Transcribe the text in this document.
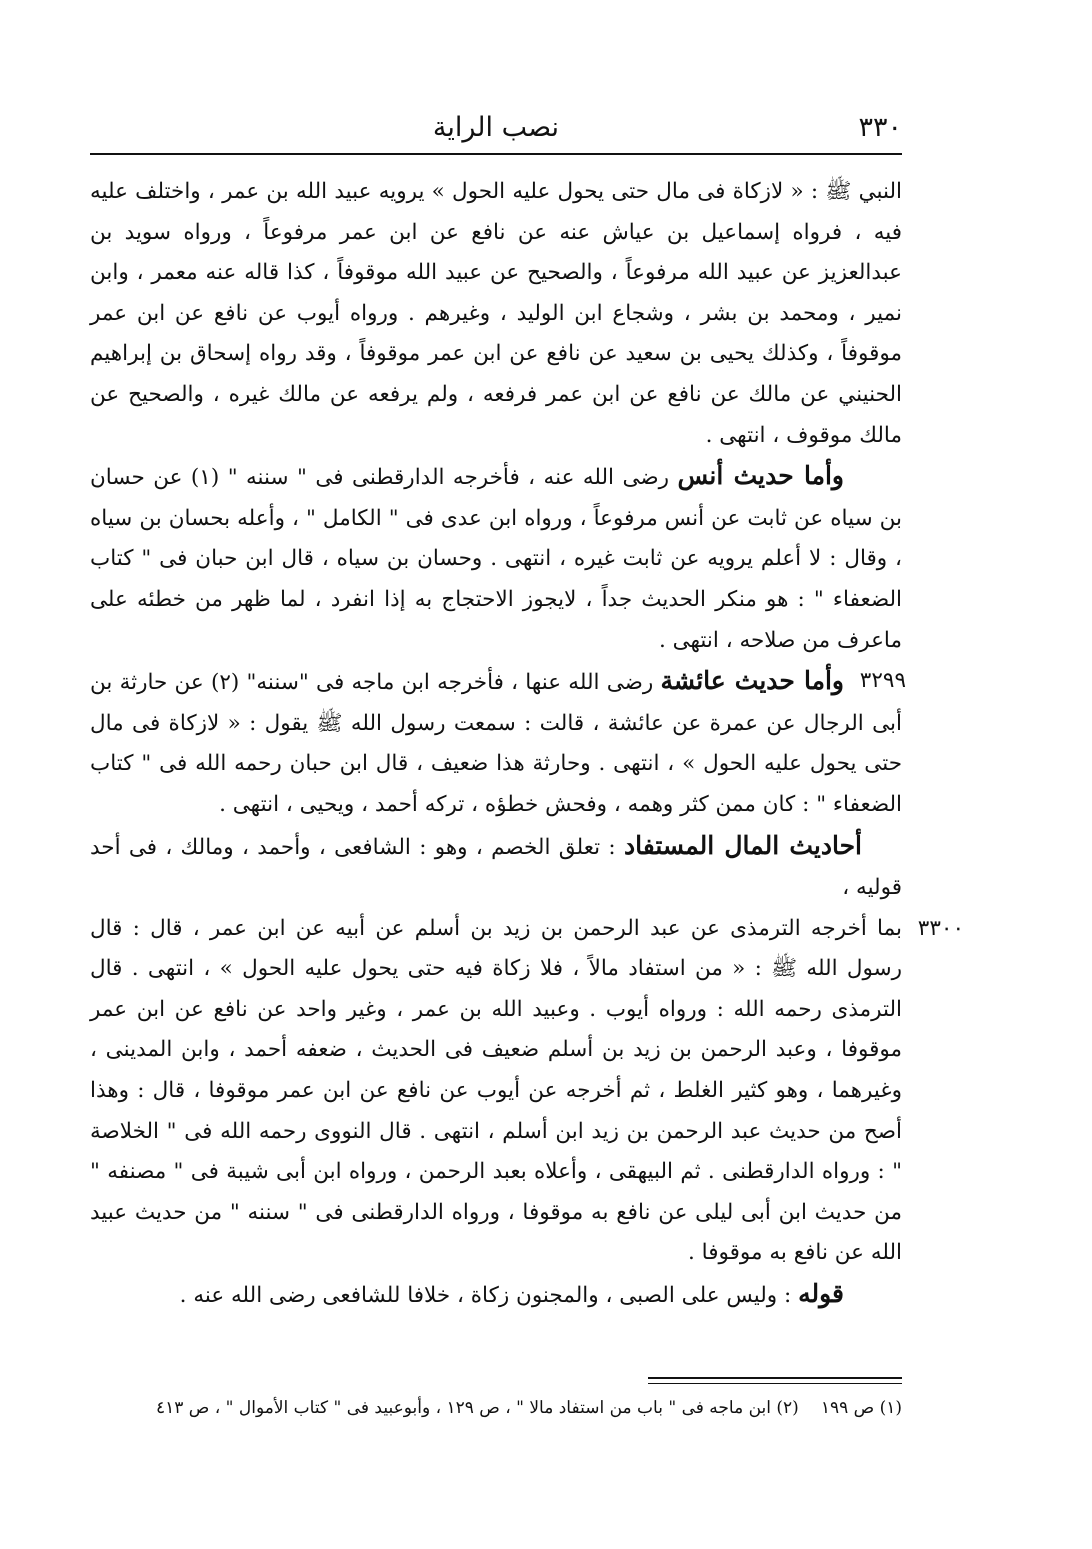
٣٣٠
نصب الراية

النبي ﷺ : « لازكاة فى مال حتى يحول عليه الحول » يرويه عبيد الله بن عمر ، واختلف عليه فيه ، فرواه إسماعيل بن عياش عنه عن نافع عن ابن عمر مرفوعاً ، ورواه سويد بن عبدالعزيز عن عبيد الله مرفوعاً ، والصحيح عن عبيد الله موقوفاً ، كذا قاله عنه معمر ، وابن نمير ، ومحمد بن بشر ، وشجاع ابن الوليد ، وغيرهم . ورواه أيوب عن نافع عن ابن عمر موقوفاً ، وكذلك يحيى بن سعيد عن نافع عن ابن عمر موقوفاً ، وقد رواه إسحاق بن إبراهيم الحنيني عن مالك عن نافع عن ابن عمر فرفعه ، ولم يرفعه عن مالك غيره ، والصحيح عن مالك موقوف ، انتهى .

وأما حديث أنس رضى الله عنه ، فأخرجه الدارقطنى فى " سننه " (١) عن حسان بن سياه عن ثابت عن أنس مرفوعاً ، ورواه ابن عدى فى " الكامل " ، وأعله بحسان بن سياه ، وقال : لا أعلم يرويه عن ثابت غيره ، انتهى . وحسان بن سياه ، قال ابن حبان فى " كتاب الضعفاء " : هو منكر الحديث جداً ، لايجوز الاحتجاج به إذا انفرد ، لما ظهر من خطئه على ماعرف من صلاحه ، انتهى .

٣٢٩٩
وأما حديث عائشة رضى الله عنها ، فأخرجه ابن ماجه فى "سننه" (٢) عن حارثة بن أبى الرجال عن عمرة عن عائشة ، قالت : سمعت رسول الله ﷺ يقول : « لازكاة فى مال حتى يحول عليه الحول » ، انتهى . وحارثة هذا ضعيف ، قال ابن حبان رحمه الله فى " كتاب الضعفاء " : كان ممن كثر وهمه ، وفحش خطؤه ، تركه أحمد ، ويحيى ، انتهى .

أحاديث المال المستفاد : تعلق الخصم ، وهو : الشافعى ، وأحمد ، ومالك ، فى أحد قوليه ،

٣٣٠٠
بما أخرجه الترمذى عن عبد الرحمن بن زيد بن أسلم عن أبيه عن ابن عمر ، قال : قال رسول الله ﷺ : « من استفاد مالاً ، فلا زكاة فيه حتى يحول عليه الحول » ، انتهى . قال الترمذى رحمه الله : ورواه أيوب . وعبيد الله بن عمر ، وغير واحد عن نافع عن ابن عمر موقوفا ، وعبد الرحمن بن زيد بن أسلم ضعيف فى الحديث ، ضعفه أحمد ، وابن المدينى ، وغيرهما ، وهو كثير الغلط ، ثم أخرجه عن أيوب عن نافع عن ابن عمر موقوفا ، قال : وهذا أصح من حديث عبد الرحمن بن زيد ابن أسلم ، انتهى . قال النووى رحمه الله فى " الخلاصة " : ورواه الدارقطنى . ثم البيهقى ، وأعلاه بعبد الرحمن ، ورواه ابن أبى شيبة فى " مصنفه " من حديث ابن أبى ليلى عن نافع به موقوفا ، ورواه الدارقطنى فى " سننه " من حديث عبيد الله عن نافع به موقوفا .

قوله : وليس على الصبى ، والمجنون زكاة ، خلافا للشافعى رضى الله عنه .

(١) ص ١٩٩(٢) ابن ماجه فى " باب من استفاد مالا " ، ص ١٢٩ ، وأبوعبيد فى " كتاب الأموال " ، ص ٤١٣
